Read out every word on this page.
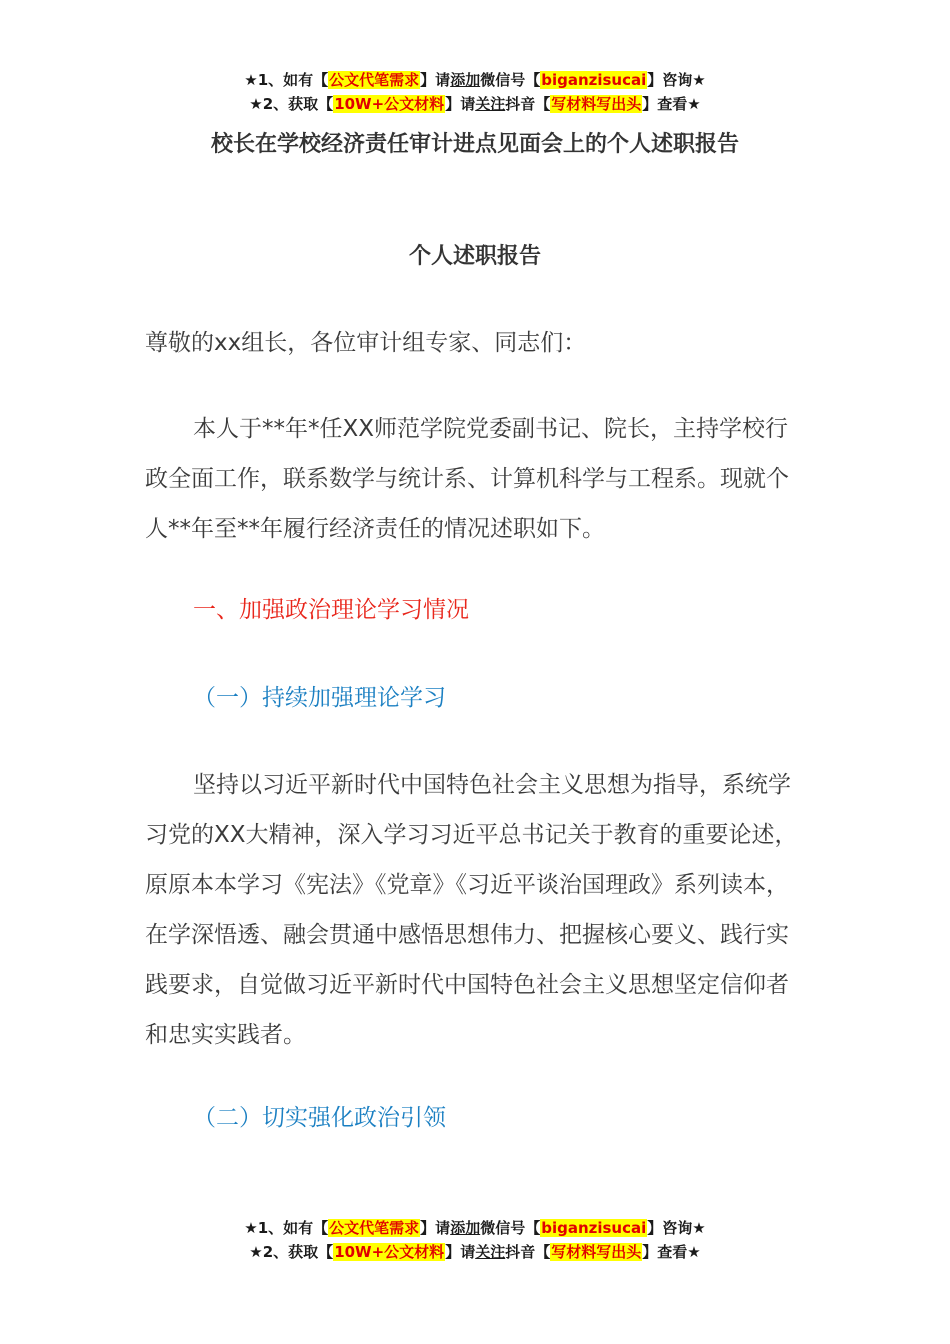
★1、如有【公文代笔需求】请添加微信号【biganzisucai】咨询★
★2、获取【10W+公文材料】请关注抖音【写材料写出头】查看★
校长在学校经济责任审计进点见面会上的个人述职报告
个人述职报告
尊敬的xx组长，各位审计组专家、同志们：
本人于**年*任XX师范学院党委副书记、院长，主持学校行政全面工作，联系数学与统计系、计算机科学与工程系。现就个人**年至**年履行经济责任的情况述职如下。
一、加强政治理论学习情况
（一）持续加强理论学习
坚持以习近平新时代中国特色社会主义思想为指导，系统学习党的XX大精神，深入学习习近平总书记关于教育的重要论述，原原本本学习《宪法》《党章》《习近平谈治国理政》系列读本，在学深悟透、融会贯通中感悟思想伟力、把握核心要义、践行实践要求，自觉做习近平新时代中国特色社会主义思想坚定信仰者和忠实实践者。
（二）切实强化政治引领
★1、如有【公文代笔需求】请添加微信号【biganzisucai】咨询★
★2、获取【10W+公文材料】请关注抖音【写材料写出头】查看★
